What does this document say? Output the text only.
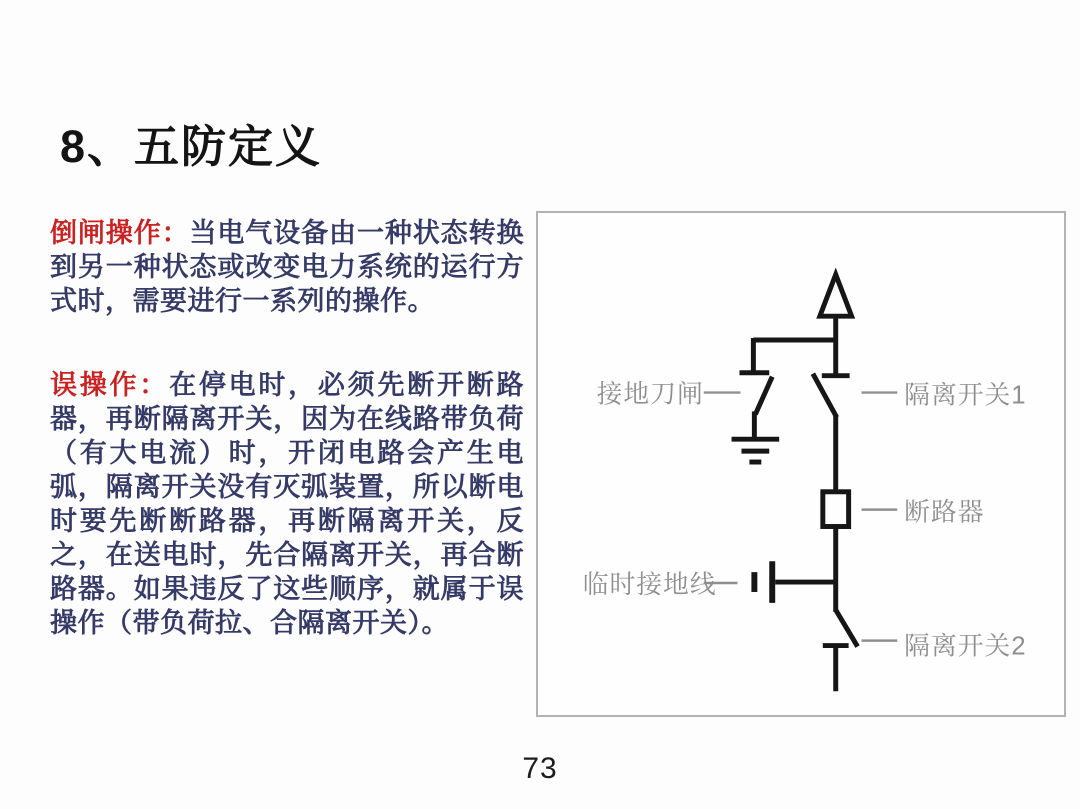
8、五防定义

倒闸操作：当电气设备由一种状态转换到另一种状态或改变电力系统的运行方式时，需要进行一系列的操作。

误操作：在停电时，必须先断开断路器，再断隔离开关，因为在线路带负荷（有大电流）时，开闭电路会产生电弧，隔离开关没有灭弧装置，所以断电时要先断断路器，再断隔离开关，反之，在送电时，先合隔离开关，再合断路器。如果违反了这些顺序，就属于误操作（带负荷拉、合隔离开关）。

接地刀闸	隔离开关1
断路器
临时接地线
隔离开关2
73
